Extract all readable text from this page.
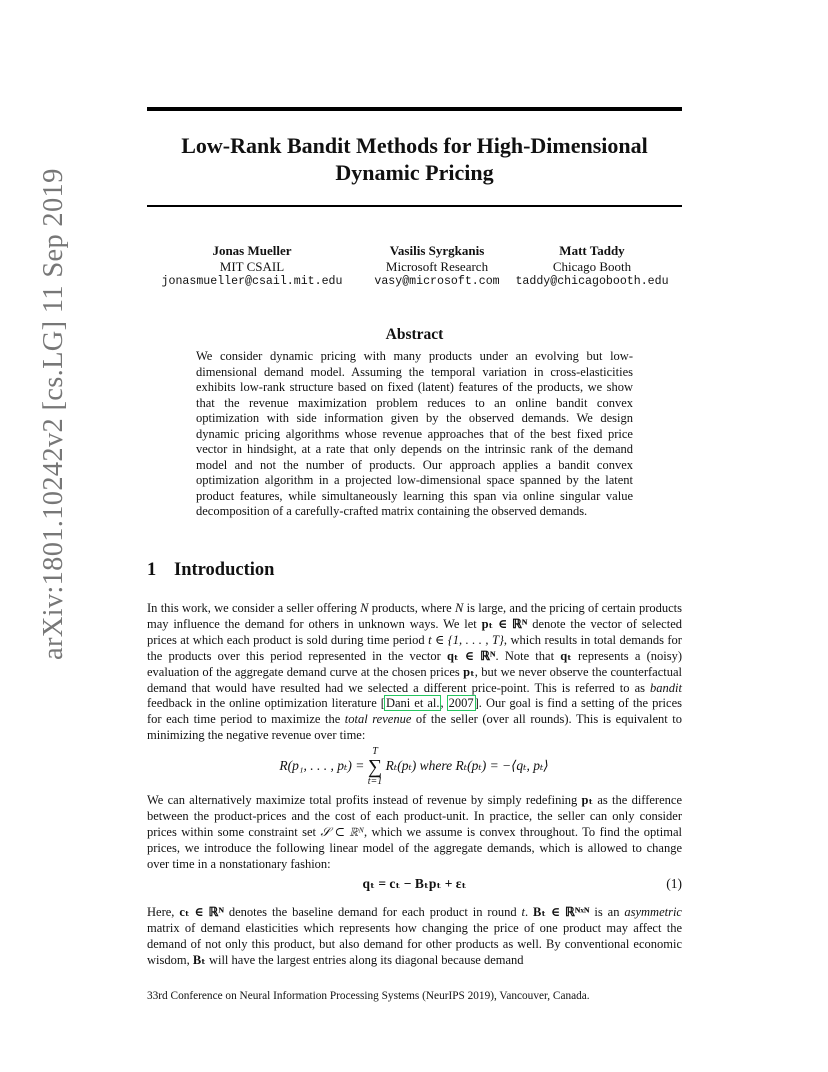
arXiv:1801.10242v2 [cs.LG] 11 Sep 2019
Low-Rank Bandit Methods for High-Dimensional
Dynamic Pricing
Jonas Mueller
MIT CSAIL
jonasmueller@csail.mit.edu
Vasilis Syrgkanis
Microsoft Research
vasy@microsoft.com
Matt Taddy
Chicago Booth
taddy@chicagobooth.edu
Abstract
We consider dynamic pricing with many products under an evolving but low-dimensional demand model. Assuming the temporal variation in cross-elasticities exhibits low-rank structure based on fixed (latent) features of the products, we show that the revenue maximization problem reduces to an online bandit convex optimization with side information given by the observed demands. We design dynamic pricing algorithms whose revenue approaches that of the best fixed price vector in hindsight, at a rate that only depends on the intrinsic rank of the demand model and not the number of products. Our approach applies a bandit convex optimization algorithm in a projected low-dimensional space spanned by the latent product features, while simultaneously learning this span via online singular value decomposition of a carefully-crafted matrix containing the observed demands.
1 Introduction
In this work, we consider a seller offering N products, where N is large, and the pricing of certain products may influence the demand for others in unknown ways. We let pₜ ∈ ℝᴺ denote the vector of selected prices at which each product is sold during time period t ∈ {1, . . . , T}, which results in total demands for the products over this period represented in the vector qₜ ∈ ℝᴺ. Note that qₜ represents a (noisy) evaluation of the aggregate demand curve at the chosen prices pₜ, but we never observe the counterfactual demand that would have resulted had we selected a different price-point. This is referred to as bandit feedback in the online optimization literature [Dani et al., 2007]. Our goal is find a setting of the prices for each time period to maximize the total revenue of the seller (over all rounds). This is equivalent to minimizing the negative revenue over time:
R(p₁, . . . , pₜ) =
T
∑
t=1
Rₜ(pₜ) where Rₜ(pₜ) = −⟨qₜ, pₜ⟩
We can alternatively maximize total profits instead of revenue by simply redefining pₜ as the difference between the product-prices and the cost of each product-unit. In practice, the seller can only consider prices within some constraint set 𝒮 ⊂ ℝᴺ, which we assume is convex throughout. To find the optimal prices, we introduce the following linear model of the aggregate demands, which is allowed to change over time in a nonstationary fashion:
qₜ = cₜ − Bₜpₜ + εₜ	(1)
Here, cₜ ∈ ℝᴺ denotes the baseline demand for each product in round t. Bₜ ∈ ℝᴺˣᴺ is an asymmetric matrix of demand elasticities which represents how changing the price of one product may affect the demand of not only this product, but also demand for other products as well. By conventional economic wisdom, Bₜ will have the largest entries along its diagonal because demand
33rd Conference on Neural Information Processing Systems (NeurIPS 2019), Vancouver, Canada.
